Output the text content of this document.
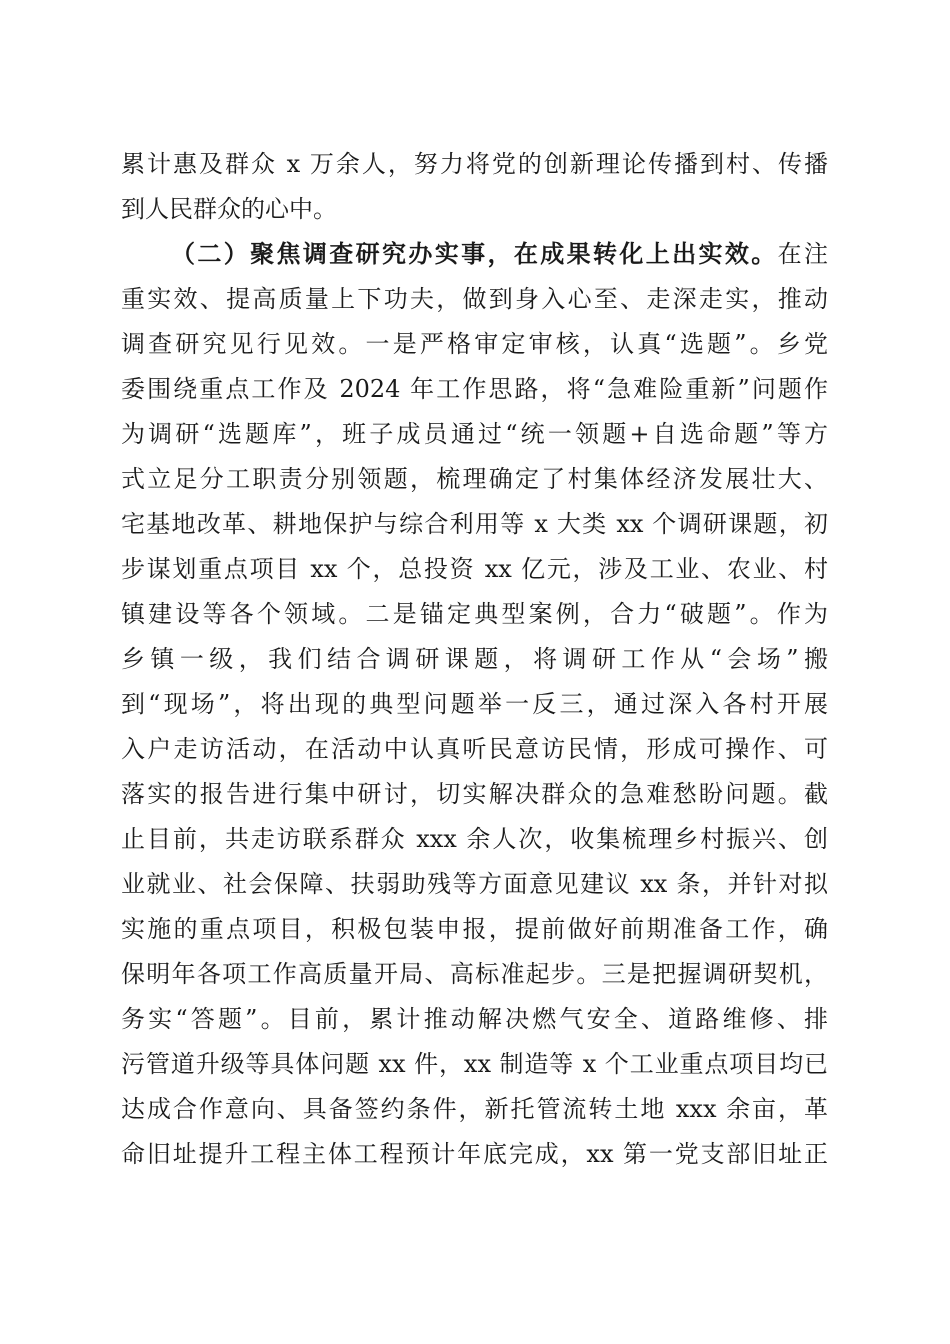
累计惠及群众 x 万余人，努力将党的创新理论传播到村、传播
到人民群众的心中。
（二）聚焦调查研究办实事，在成果转化上出实效。在注
重实效、提高质量上下功夫，做到身入心至、走深走实，推动
调查研究见行见效。一是严格审定审核，认真“选题”。乡党
委围绕重点工作及 2024 年工作思路，将“急难险重新”问题作
为调研“选题库”，班子成员通过“统一领题+自选命题”等方
式立足分工职责分别领题，梳理确定了村集体经济发展壮大、
宅基地改革、耕地保护与综合利用等 x 大类 xx 个调研课题，初
步谋划重点项目 xx 个，总投资 xx 亿元，涉及工业、农业、村
镇建设等各个领域。二是锚定典型案例，合力“破题”。作为
乡镇一级，我们结合调研课题，将调研工作从“会场”搬
到“现场”，将出现的典型问题举一反三，通过深入各村开展
入户走访活动，在活动中认真听民意访民情，形成可操作、可
落实的报告进行集中研讨，切实解决群众的急难愁盼问题。截
止目前，共走访联系群众 xxx 余人次，收集梳理乡村振兴、创
业就业、社会保障、扶弱助残等方面意见建议 xx 条，并针对拟
实施的重点项目，积极包装申报，提前做好前期准备工作，确
保明年各项工作高质量开局、高标准起步。三是把握调研契机，
务实“答题”。目前，累计推动解决燃气安全、道路维修、排
污管道升级等具体问题 xx 件，xx 制造等 x 个工业重点项目均已
达成合作意向、具备签约条件，新托管流转土地 xxx 余亩，革
命旧址提升工程主体工程预计年底完成，xx 第一党支部旧址正
